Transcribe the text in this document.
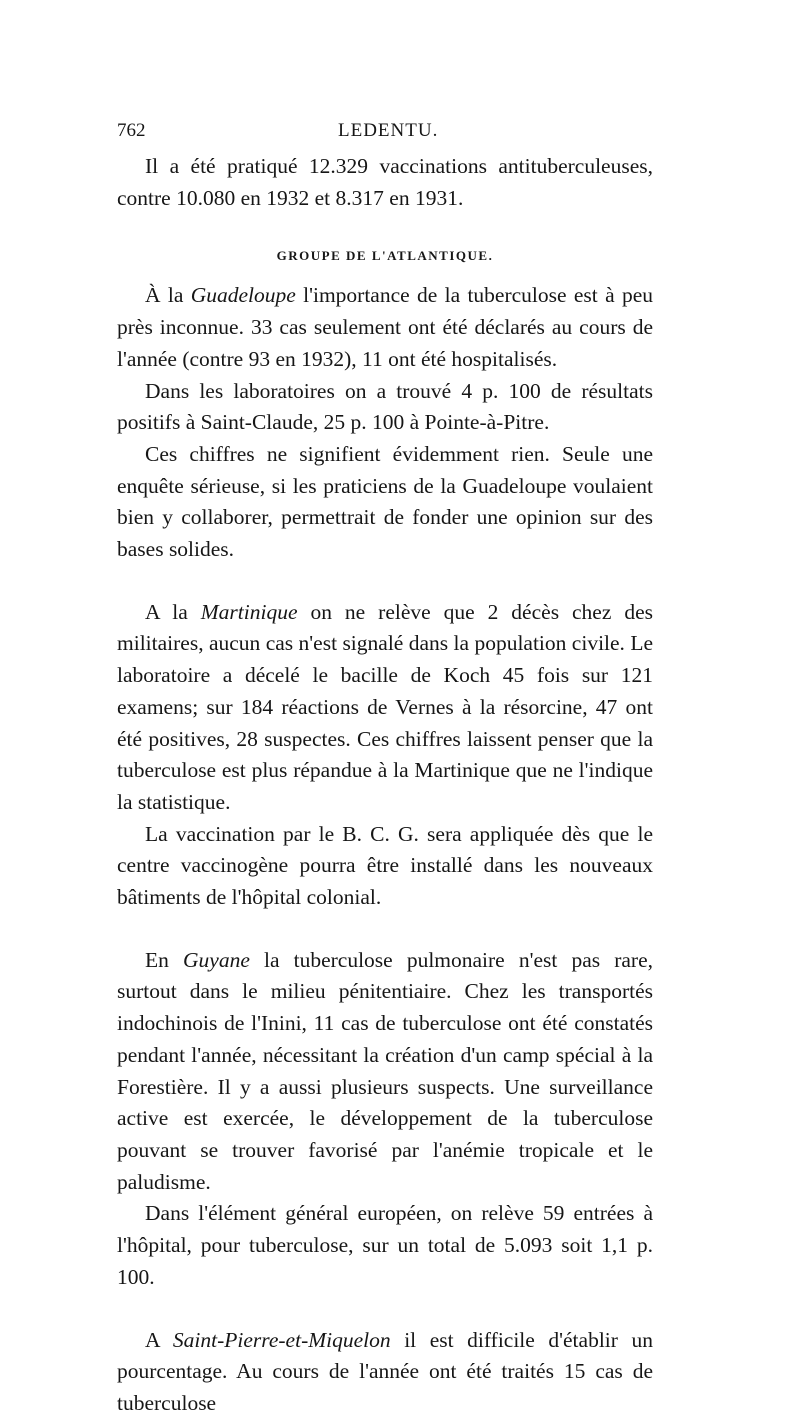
762	LEDENTU.

Il a été pratiqué 12.329 vaccinations antituberculeuses, contre 10.080 en 1932 et 8.317 en 1931.

GROUPE DE L'ATLANTIQUE.

À la Guadeloupe l'importance de la tuberculose est à peu près inconnue. 33 cas seulement ont été déclarés au cours de l'année (contre 93 en 1932), 11 ont été hospitalisés.

Dans les laboratoires on a trouvé 4 p. 100 de résultats positifs à Saint-Claude, 25 p. 100 à Pointe-à-Pitre.

Ces chiffres ne signifient évidemment rien. Seule une enquête sérieuse, si les praticiens de la Guadeloupe voulaient bien y collaborer, permettrait de fonder une opinion sur des bases solides.

A la Martinique on ne relève que 2 décès chez des militaires, aucun cas n'est signalé dans la population civile. Le laboratoire a décelé le bacille de Koch 45 fois sur 121 examens; sur 184 réactions de Vernes à la résorcine, 47 ont été positives, 28 suspectes. Ces chiffres laissent penser que la tuberculose est plus répandue à la Martinique que ne l'indique la statistique.

La vaccination par le B. C. G. sera appliquée dès que le centre vaccinogène pourra être installé dans les nouveaux bâtiments de l'hôpital colonial.

En Guyane la tuberculose pulmonaire n'est pas rare, surtout dans le milieu pénitentiaire. Chez les transportés indochinois de l'Inini, 11 cas de tuberculose ont été constatés pendant l'année, nécessitant la création d'un camp spécial à la Forestière. Il y a aussi plusieurs suspects. Une surveillance active est exercée, le développement de la tuberculose pouvant se trouver favorisé par l'anémie tropicale et le paludisme.

Dans l'élément général européen, on relève 59 entrées à l'hôpital, pour tuberculose, sur un total de 5.093 soit 1,1 p. 100.

A Saint-Pierre-et-Miquelon il est difficile d'établir un pourcentage. Au cours de l'année ont été traités 15 cas de tuberculose
